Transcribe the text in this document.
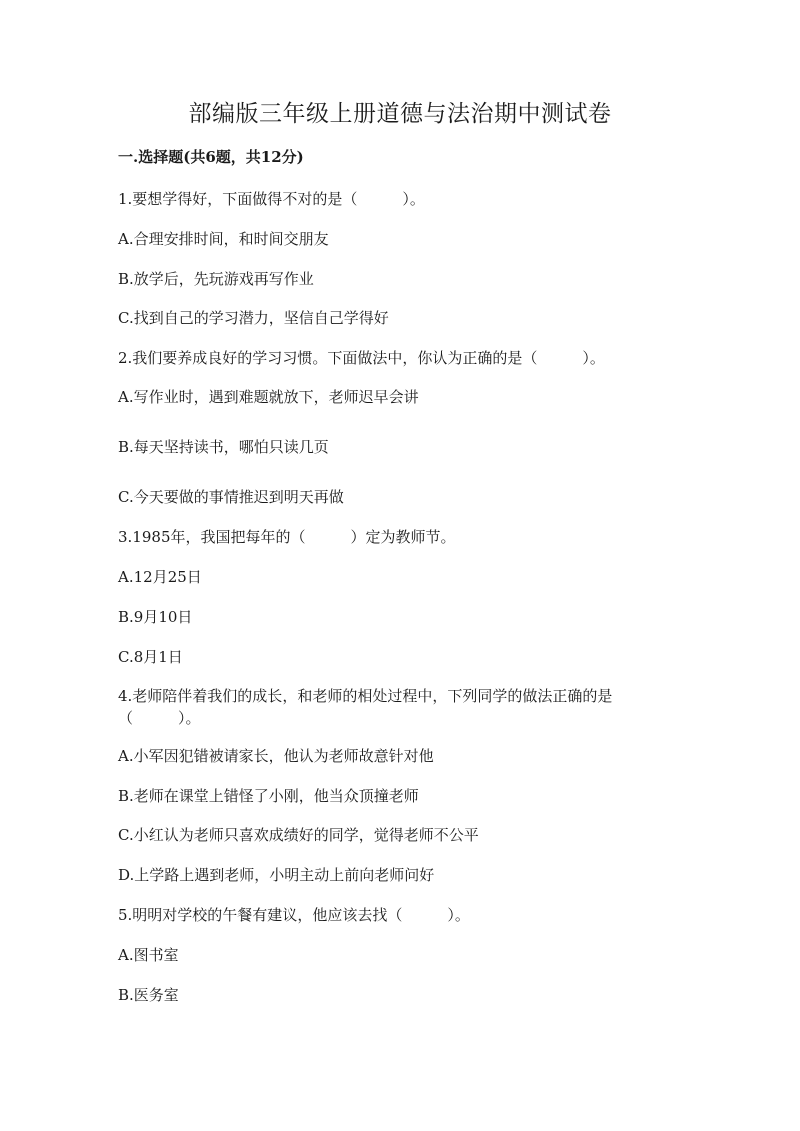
部编版三年级上册道德与法治期中测试卷
一.选择题(共6题，共12分)

1.要想学得好，下面做得不对的是（　　　）。

A.合理安排时间，和时间交朋友

B.放学后，先玩游戏再写作业

C.找到自己的学习潜力，坚信自己学得好

2.我们要养成良好的学习习惯。下面做法中，你认为正确的是（　　　）。

A.写作业时，遇到难题就放下，老师迟早会讲

B.每天坚持读书，哪怕只读几页

C.今天要做的事情推迟到明天再做

3.1985年，我国把每年的（　　　）定为教师节。

A.12月25日

B.9月10日

C.8月1日

4.老师陪伴着我们的成长，和老师的相处过程中，下列同学的做法正确的是（　　　）。

A.小军因犯错被请家长，他认为老师故意针对他

B.老师在课堂上错怪了小刚，他当众顶撞老师

C.小红认为老师只喜欢成绩好的同学，觉得老师不公平

D.上学路上遇到老师，小明主动上前向老师问好

5.明明对学校的午餐有建议，他应该去找（　　　）。

A.图书室

B.医务室
